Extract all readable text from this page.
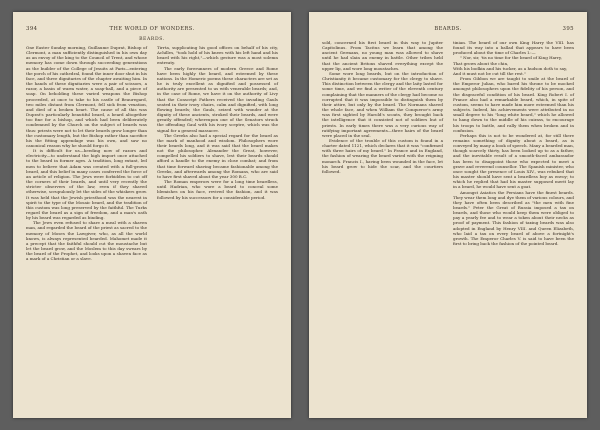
394	THE WORLD OF WONDERS.
BEARDS.

One Easter Sunday morning, Guillaume Duprat, Bishop of Clermont, a man sufficiently distinguished in his own day as an envoy of the king to the Council of Trent, and whose memory has come down through succeeding generations as the builder of the College of Jesuits at Paris—entering the porch of his cathedral, found the inner door shut in his face, and three dignitaries of the chapter awaiting him. In the hands of these dignitaries were a pair of scissors, a razor, a basin of warm water, a soap-ball, and a piece of soap. On beholding these varied weapons the Bishop proceeded, at once to take to his castle of Beauregard, two miles distant from Clermont, fell sick from vexation, and died of a broken heart. The cause of all this was Duprat's particularly beautiful beard, a beard altogether too fine for a bishop, and which had been deliberately condemned by the Church on the subject of beards was thus: priests were not to let their beards grow longer than the customary length, but the Bishop rather than sacrifice his the fitting appendage was his own, and saw no canonical reason why he should forgo it.

It is difficult for us—heeding now of razors and electricity—to understand the high import once attached to the beard in former ages. A tradition, long extant, led men to believe that Adam was created with a full-grown beard, and this belief in many cases conferred the force of an article of religion. The Jews were forbidden to cut off the corners of their beards, and until very recently the stricter observers of the law, even if they shaved otherwise, scrupulously let the sides of the whiskers grow. It was held that the Jewish priesthood was the nearest in spirit to the type of the Mosaic beard, and the tradition of this custom was long preserved by the faithful. The Turks regard the beard as a sign of freedom, and a man's oath by his beard was regarded as binding.

The Jews even refused to share a meal with a shaven man, and regarded the beard of the priest as sacred to the memory of Moses the Lawgiver, who, as all the world knows, is always represented bearded. Mahomet made it a precept that the faithful should cut the moustache but let the beard grow, and the Moslem to this day swears by the beard of the Prophet, and looks upon a shaven face as a mark of a Christian or a slave.

Tirrta, supplicating his good offices on behalf of his city, Achilles, "took hold of his knees with his left hand and his beard with his right,"—which gesture was a most solemn entreaty.

The early forerunners of modern Greece and Rome have been highly the beard, and esteemed by these nations. In the Homeric poems these characters are set as he is truly excellent as dignified and possessed of authority are presented to us with venerable beards; and, in the case of Rome, we have it on the authority of Livy that the Conscript Fathers received the invading Gauls seated in their ivory chairs, calm and dignified, with long flowing beards; the Gauls, seized with wonder at the dignity of these ancients, stroked their beards, and were greatly offended; whereupon one of the Senators struck the offending Gaul with his ivory sceptre, which was the signal for a general massacre.

The Greeks also had a special regard for the beard as the mark of manhood and wisdom. Philosophers wore their beards long, and it was said that the beard makes not the philosopher. Alexander the Great, however, compelled his soldiers to shave, lest their beards should afford a handle to the enemy in close combat; and from that time forward shaving became fashionable among the Greeks, and afterwards among the Romans, who are said to have first shaved about the year 300 B.C.

The Roman emperors were for a long time beardless, until Hadrian, who wore a beard to conceal some blemishes on his face, revived the fashion, and it was followed by his successors for a considerable period.

BEARDS.	395

sold, concerned his first beard in this way to Jupiter Capitolinus. From Tacitus we learn that among the ancient Germans, no young man was allowed to shave until he had slain an enemy in battle. Other tribes held that the ancient Britons shaved everything except the upper lip, and wore long moustaches.

Some wore long beards, but on the introduction of Christianity it became customary for the clergy to shave. This distinction between the clergy and the laity lasted for some time, and we find a writer of the eleventh century complaining that the manners of the clergy had become so corrupted that it was impossible to distinguish them by their attire, but only by the beard. The Normans shaved the whole face, and when William the Conqueror's army was first sighted by Harold's scouts, they brought back the intelligence that it consisted not of soldiers but of priests. In early times there was a very curious way of ratifying important agreements—three hairs of the beard were placed in the seal.

Evidence of the trouble of this custom is found in a charter dated 1121, which declares that it was "confirmed with three hairs of my beard." In France and in England, the fashion of wearing the beard varied with the reigning monarch. Francis I., having been wounded in the face, let his beard grow to hide the scar, and the courtiers followed.

tinian. The beard of our own King Harry the VIII. has found its way into a ballad that appears to have been produced about the time of Charles I.:—

" Nor, sir, 'tis no time for the beard of King Harry,
That grows about the chin,
With his bodkin and his tucker, as a hudson doth to say,
And it must not be cut till the rest."

From Gibbon we are taught to smile at the beard of the Emperor Julian, who bared his throne to be mocked amongst philosophers upon the fidelity of his person, and the disgraceful condition of his beard. King Robert I. of France also had a remarkable beard, which, in spite of custom, seems to have made him more esteemed than his subjects. Indeed, his achievements were attributed in no small degree to his "long white beard," which he allowed to hang down to the middle of his cuirass, to encourage his troops to battle, and rally them when broken and in confusion.

Perhaps this is not to be wondered at, for still there remains something of dignity about a beard, as is conveyed by many a book of speech. Many a bearded man, though scarcely thirty, has been looked up to as a father, and the inevitable result of a smooth-faced ambassador has been to disappoint those who expected to meet a grave and reverend counsellor. The Spanish minister, who once sought the presence of Louis XIV., was rebuked that his master should have sent a beardless boy as envoy; to which he replied that had his master supposed merit lay in a beard, he would have sent a goat.

Amongst Asiatics the Persians have the finest beards. They wear them long and dye them of various colours, and they have often been described as "the men with fine beards." Peter the Great of Russia imposed a tax on beards, and those who would keep them were obliged to pay a yearly fee and to wear a token about their necks as proof of payment. This fashion of taxing beards was also adopted in England by Henry VIII. and Queen Elizabeth, who laid a tax on every beard of above a fortnight's growth. The Emperor Charles V. is said to have been the first to bring back the fashion of the pointed beard.
